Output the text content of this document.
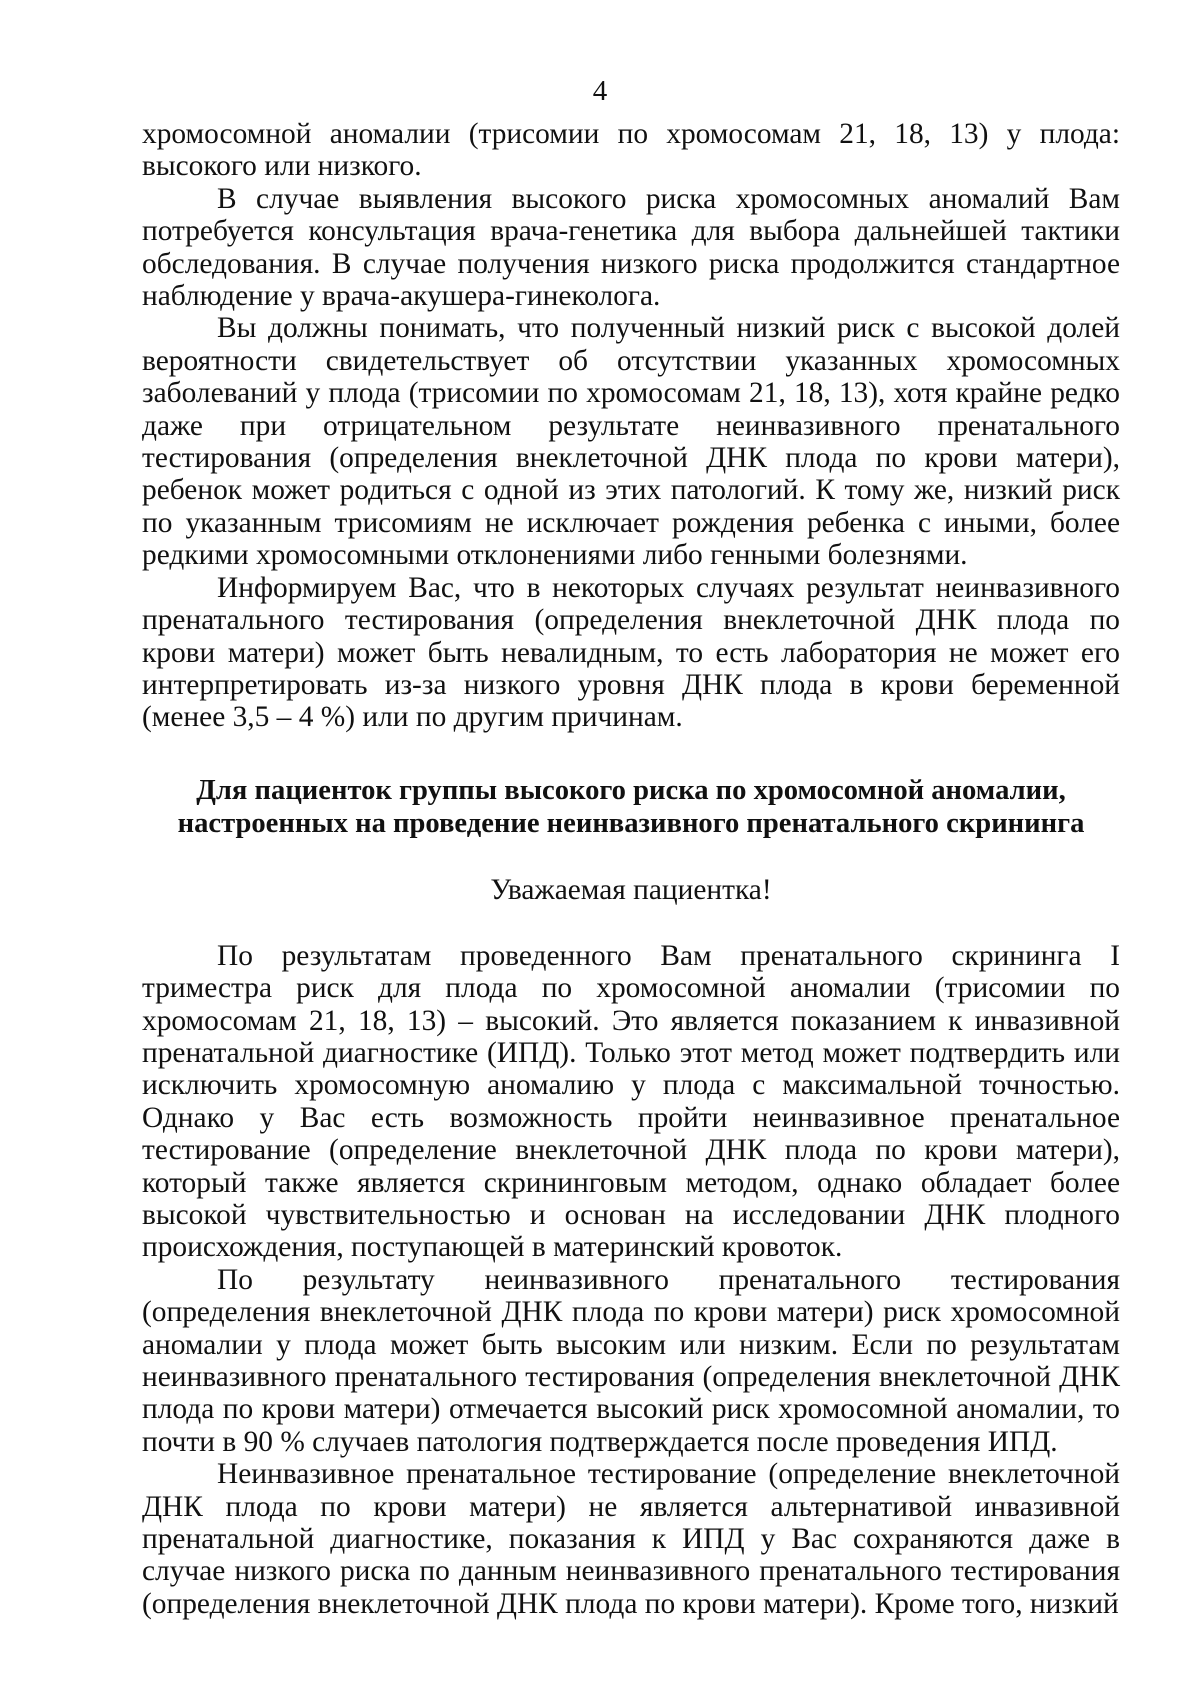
4

хромосомной аномалии (трисомии по хромосомам 21, 18, 13) у плода: высокого или низкого.

В случае выявления высокого риска хромосомных аномалий Вам потребуется консультация врача-генетика для выбора дальнейшей тактики обследования. В случае получения низкого риска продолжится стандартное наблюдение у врача-акушера-гинеколога.

Вы должны понимать, что полученный низкий риск с высокой долей вероятности свидетельствует об отсутствии указанных хромосомных заболеваний у плода (трисомии по хромосомам 21, 18, 13), хотя крайне редко даже при отрицательном результате неинвазивного пренатального тестирования (определения внеклеточной ДНК плода по крови матери), ребенок может родиться с одной из этих патологий. К тому же, низкий риск по указанным трисомиям не исключает рождения ребенка с иными, более редкими хромосомными отклонениями либо генными болезнями.

Информируем Вас, что в некоторых случаях результат неинвазивного пренатального тестирования (определения внеклеточной ДНК плода по крови матери) может быть невалидным, то есть лаборатория не может его интерпретировать из-за низкого уровня ДНК плода в крови беременной (менее 3,5 – 4 %) или по другим причинам.

Для пациенток группы высокого риска по хромосомной аномалии,
настроенных на проведение неинвазивного пренатального скрининга
Уважаемая пациентка!

По результатам проведенного Вам пренатального скрининга I триместра риск для плода по хромосомной аномалии (трисомии по хромосомам 21, 18, 13) – высокий. Это является показанием к инвазивной пренатальной диагностике (ИПД). Только этот метод может подтвердить или исключить хромосомную аномалию у плода с максимальной точностью. Однако у Вас есть возможность пройти неинвазивное пренатальное тестирование (определение внеклеточной ДНК плода по крови матери), который также является скрининговым методом, однако обладает более высокой чувствительностью и основан на исследовании ДНК плодного происхождения, поступающей в материнский кровоток.

По результату неинвазивного пренатального тестирования (определения внеклеточной ДНК плода по крови матери) риск хромосомной аномалии у плода может быть высоким или низким. Если по результатам неинвазивного пренатального тестирования (определения внеклеточной ДНК плода по крови матери) отмечается высокий риск хромосомной аномалии, то почти в 90 % случаев патология подтверждается после проведения ИПД.

Неинвазивное пренатальное тестирование (определение внеклеточной ДНК плода по крови матери) не является альтернативой инвазивной пренатальной диагностике, показания к ИПД у Вас сохраняются даже в случае низкого риска по данным неинвазивного пренатального тестирования (определения внеклеточной ДНК плода по крови матери). Кроме того, низкий
